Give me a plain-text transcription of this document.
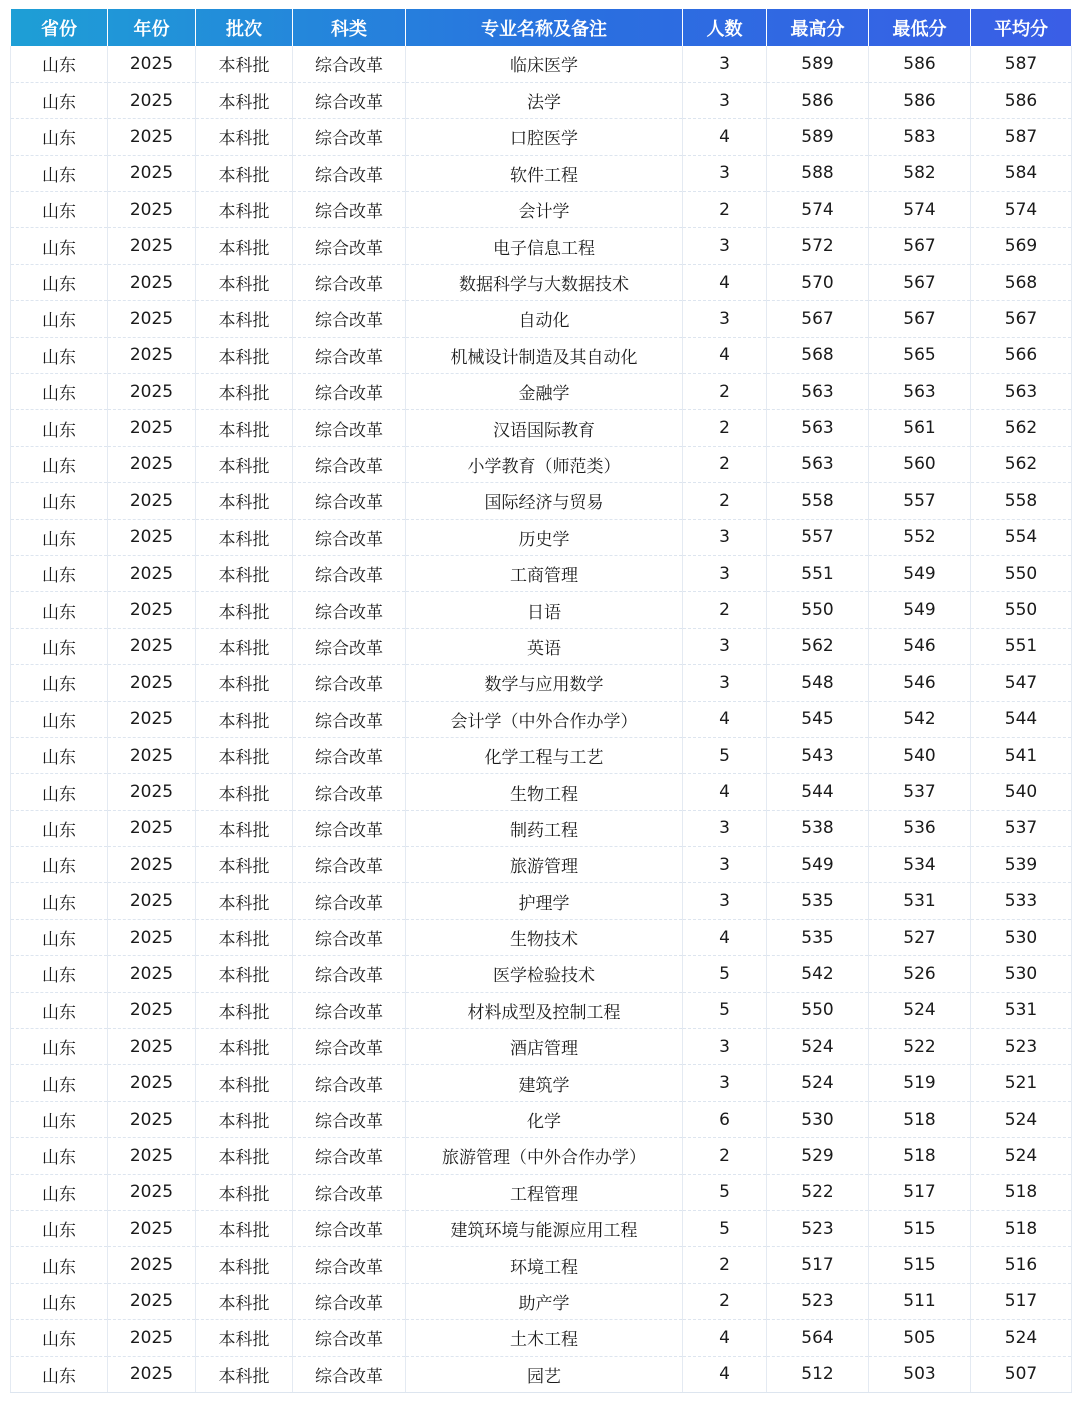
省份	年份	批次	科类	专业名称及备注	人数	最高分	最低分	平均分
山东	2025	本科批	综合改革	临床医学	3	589	586	587
山东	2025	本科批	综合改革	法学	3	586	586	586
山东	2025	本科批	综合改革	口腔医学	4	589	583	587
山东	2025	本科批	综合改革	软件工程	3	588	582	584
山东	2025	本科批	综合改革	会计学	2	574	574	574
山东	2025	本科批	综合改革	电子信息工程	3	572	567	569
山东	2025	本科批	综合改革	数据科学与大数据技术	4	570	567	568
山东	2025	本科批	综合改革	自动化	3	567	567	567
山东	2025	本科批	综合改革	机械设计制造及其自动化	4	568	565	566
山东	2025	本科批	综合改革	金融学	2	563	563	563
山东	2025	本科批	综合改革	汉语国际教育	2	563	561	562
山东	2025	本科批	综合改革	小学教育（师范类）	2	563	560	562
山东	2025	本科批	综合改革	国际经济与贸易	2	558	557	558
山东	2025	本科批	综合改革	历史学	3	557	552	554
山东	2025	本科批	综合改革	工商管理	3	551	549	550
山东	2025	本科批	综合改革	日语	2	550	549	550
山东	2025	本科批	综合改革	英语	3	562	546	551
山东	2025	本科批	综合改革	数学与应用数学	3	548	546	547
山东	2025	本科批	综合改革	会计学（中外合作办学）	4	545	542	544
山东	2025	本科批	综合改革	化学工程与工艺	5	543	540	541
山东	2025	本科批	综合改革	生物工程	4	544	537	540
山东	2025	本科批	综合改革	制药工程	3	538	536	537
山东	2025	本科批	综合改革	旅游管理	3	549	534	539
山东	2025	本科批	综合改革	护理学	3	535	531	533
山东	2025	本科批	综合改革	生物技术	4	535	527	530
山东	2025	本科批	综合改革	医学检验技术	5	542	526	530
山东	2025	本科批	综合改革	材料成型及控制工程	5	550	524	531
山东	2025	本科批	综合改革	酒店管理	3	524	522	523
山东	2025	本科批	综合改革	建筑学	3	524	519	521
山东	2025	本科批	综合改革	化学	6	530	518	524
山东	2025	本科批	综合改革	旅游管理（中外合作办学）	2	529	518	524
山东	2025	本科批	综合改革	工程管理	5	522	517	518
山东	2025	本科批	综合改革	建筑环境与能源应用工程	5	523	515	518
山东	2025	本科批	综合改革	环境工程	2	517	515	516
山东	2025	本科批	综合改革	助产学	2	523	511	517
山东	2025	本科批	综合改革	土木工程	4	564	505	524
山东	2025	本科批	综合改革	园艺	4	512	503	507
